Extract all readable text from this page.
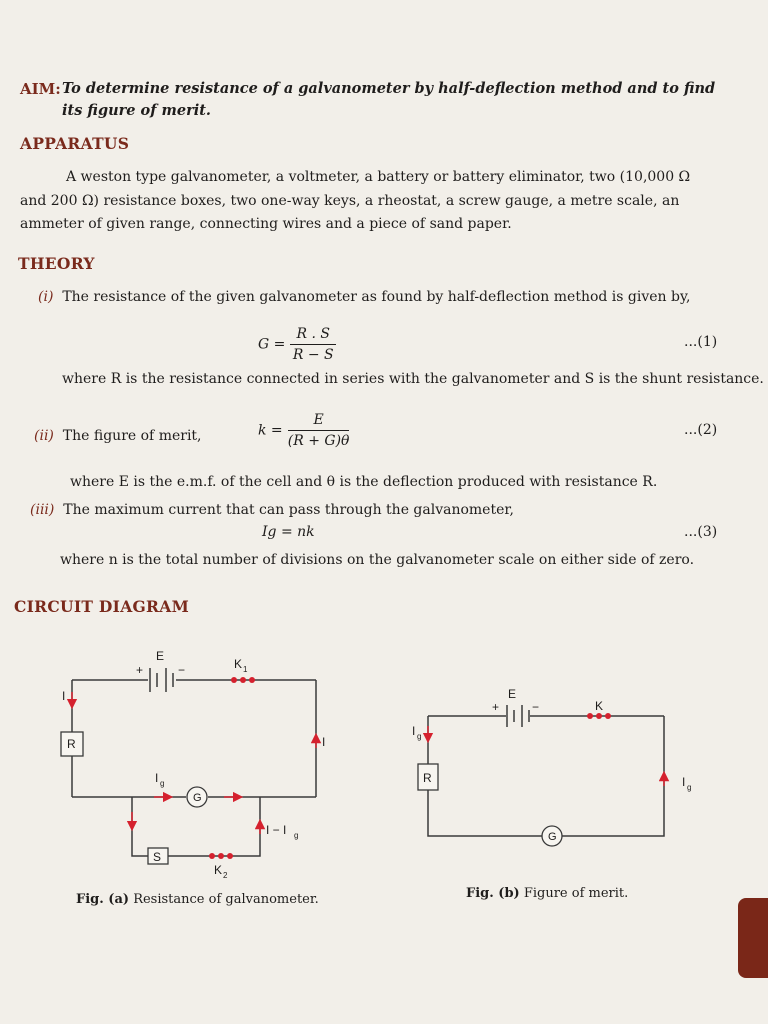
AIM: To determine resistance of a galvanometer by half-deflection method and to find its figure of merit.
APPARATUS
A weston type galvanometer, a voltmeter, a battery or battery eliminator, two (10,000 Ω and 200 Ω) resistance boxes, two one-way keys, a rheostat, a screw gauge, a metre scale, an ammeter of given range, connecting wires and a piece of sand paper.
THEORY
(i) The resistance of the given galvanometer as found by half-deflection method is given by,
$G = \frac{R . S}{R - S}$	...(1)
where R is the resistance connected in series with the galvanometer and S is the shunt resistance.
(ii) The figure of merit,	$k = \frac{E}{(R + G)\theta}$	...(2)
where E is the e.m.f. of the cell and θ is the deflection produced with resistance R.
(iii) The maximum current that can pass through the galvanometer,
Ig = nk	...(3)
where n is the total number of divisions on the galvanometer scale on either side of zero.
CIRCUIT DIAGRAM
E
+	−	K 1
I
I
R
G
I g
I − I g
S
K 2
E
+	−	K
I g
R
G
I g
Fig. (a) Resistance of galvanometer.	Fig. (b) Figure of merit.
